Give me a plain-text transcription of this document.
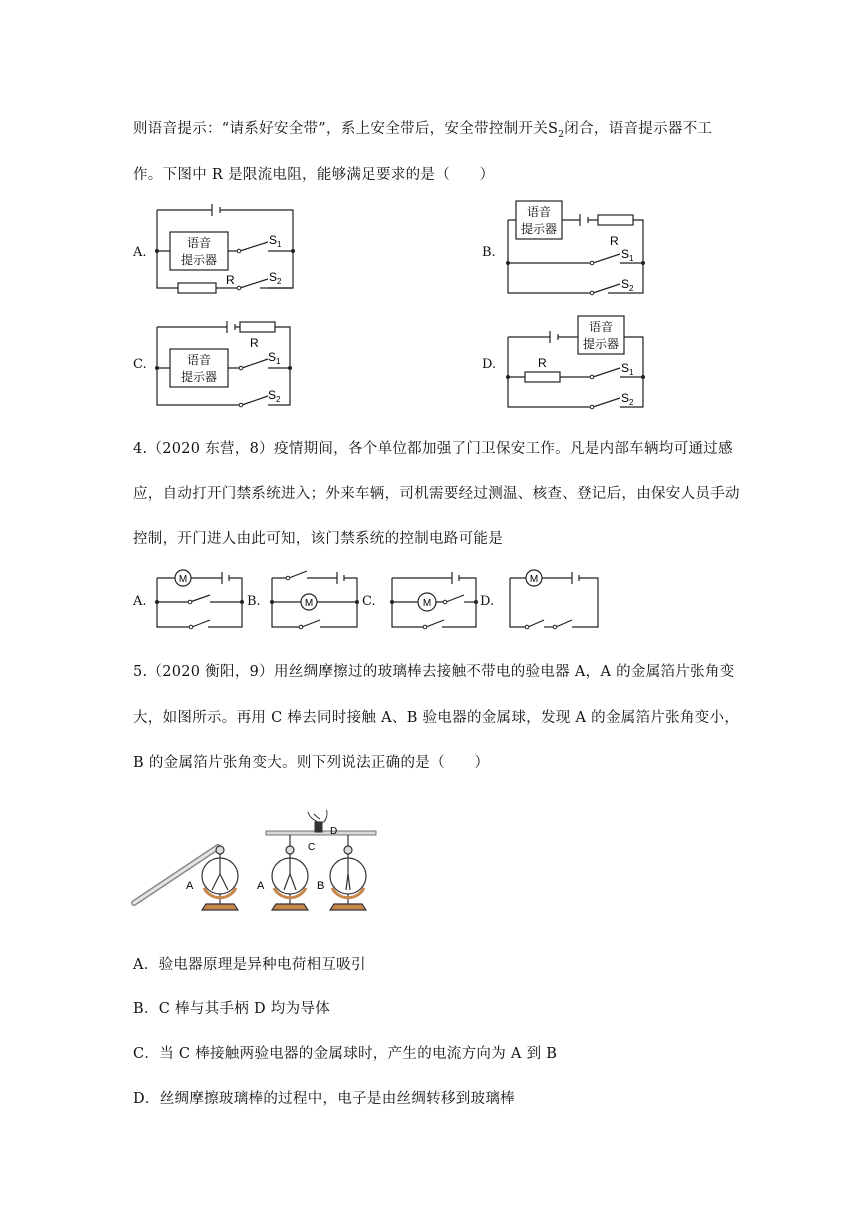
则语音提示：“请系好安全带”，系上安全带后，安全带控制开关$S_2$闭合，语音提示器不工
作。下图中 R 是限流电阻，能够满足要求的是（　　）
A.
语音
提示器
R
$S_1$
$S_2$
B.
语音
提示器
R
$S_1$
$S_2$
C.	语音
提示器
R
$S_1$
$S_2$
D.
语音
提示器
R	$S_1$
$S_2$
4.（2020 东营，8）疫情期间，各个单位都加强了门卫保安工作。凡是内部车辆均可通过感
应，自动打开门禁系统进入；外来车辆，司机需要经过测温、核查、登记后，由保安人员手动
控制，开门进人由此可知，该门禁系统的控制电路可能是
A.	B.	C.	D.
M
M	M
M
5.（2020 衡阳，9）用丝绸摩擦过的玻璃棒去接触不带电的验电器 A，A 的金属箔片张角变
大，如图所示。再用 C 棒去同时接触 A、B 验电器的金属球，发现 A 的金属箔片张角变小，
B 的金属箔片张角变大。则下列说法正确的是（　　）
A	A	B
C
D
A．验电器原理是异种电荷相互吸引
B．C 棒与其手柄 D 均为导体
C．当 C 棒接触两验电器的金属球时，产生的电流方向为 A 到 B
D．丝绸摩擦玻璃棒的过程中，电子是由丝绸转移到玻璃棒
